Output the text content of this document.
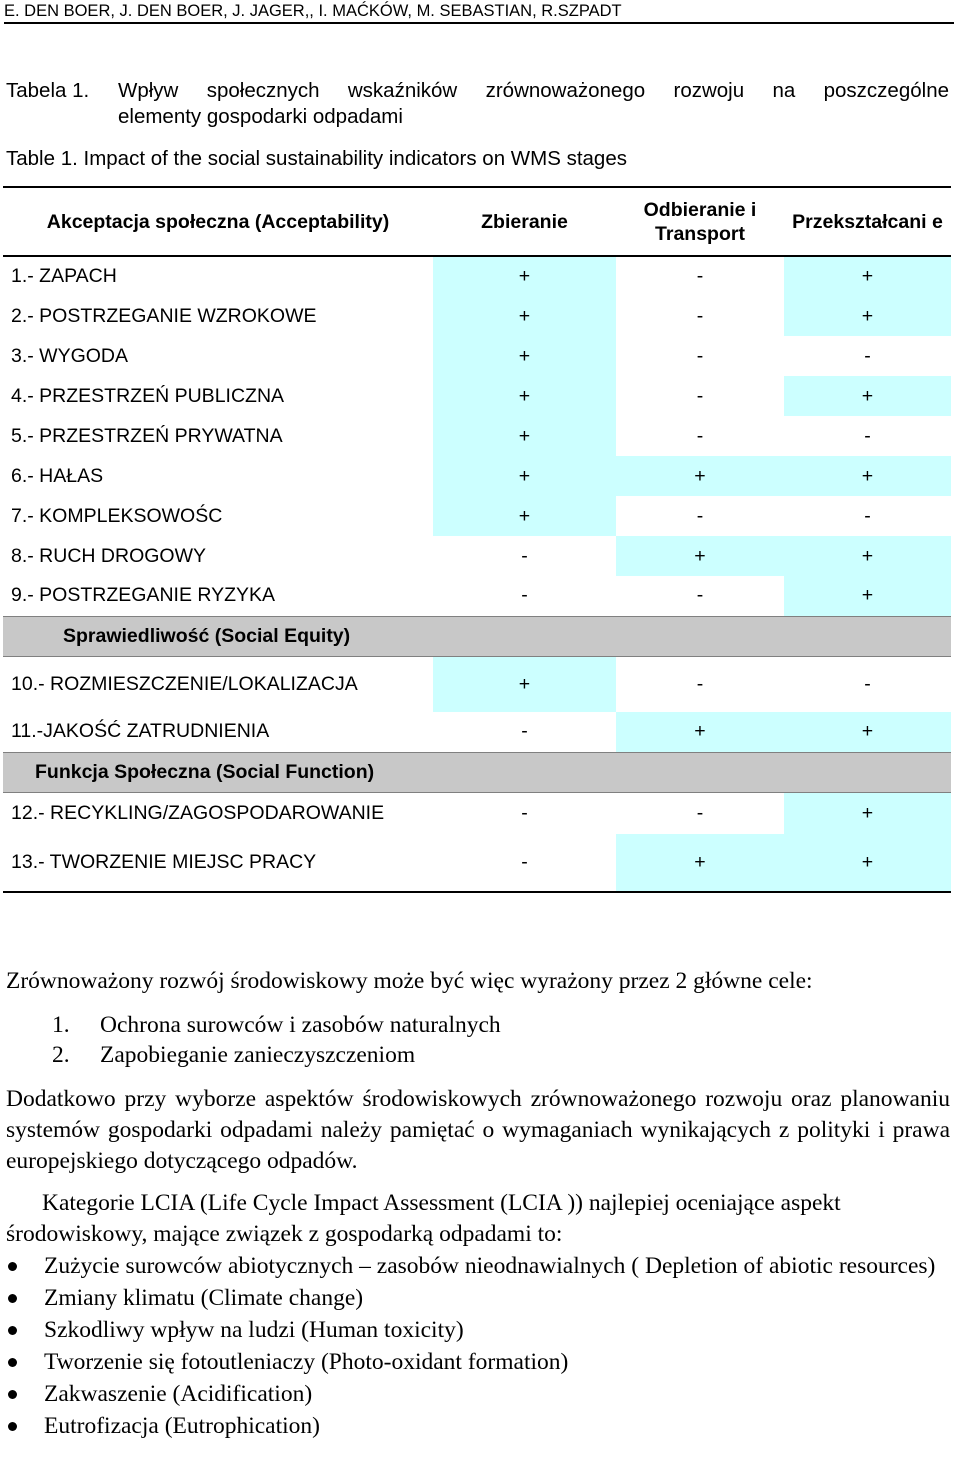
E. DEN BOER, J. DEN BOER, J. JAGER,, I. MAĆKÓW, M. SEBASTIAN, R.SZPADT
Tabela 1. Wpływ społecznych wskaźników zrównoważonego rozwoju na poszczególne
elementy gospodarki odpadami
Table 1. Impact of the social sustainability indicators on WMS stages
Akceptacja społeczna (Acceptability)	Zbieranie	Odbieranie i Transport	Przekształcani e
1.- ZAPACH	+	-	+
2.- POSTRZEGANIE WZROKOWE	+	-	+
3.- WYGODA	+	-	-
4.- PRZESTRZEŃ PUBLICZNA	+	-	+
5.- PRZESTRZEŃ PRYWATNA	+	-	-
6.- HAŁAS	+	+	+
7.- KOMPLEKSOWOŚC	+	-	-
8.- RUCH DROGOWY	-	+	+
9.- POSTRZEGANIE RYZYKA	-	-	+
Sprawiedliwość (Social Equity)			
10.- ROZMIESZCZENIE/LOKALIZACJA	+	-	-
11.-JAKOŚĆ ZATRUDNIENIA	-	+	+
Funkcja Społeczna (Social Function)			
12.- RECYKLING/ZAGOSPODAROWANIE	-	-	+
13.- TWORZENIE MIEJSC PRACY	-	+	+
Zrównoważony rozwój środowiskowy może być więc wyrażony przez 2 główne cele:
1. Ochrona surowców i zasobów naturalnych
2. Zapobieganie zanieczyszczeniom
Dodatkowo przy wyborze aspektów środowiskowych zrównoważonego rozwoju oraz planowaniu systemów gospodarki odpadami należy pamiętać o wymaganiach wynikających z polityki i prawa europejskiego dotyczącego odpadów.
Kategorie LCIA (Life Cycle Impact Assessment (LCIA )) najlepiej oceniające aspekt środowiskowy, mające związek z gospodarką odpadami to:
Zużycie surowców abiotycznych – zasobów nieodnawialnych ( Depletion of abiotic resources)
Zmiany klimatu (Climate change)
Szkodliwy wpływ na ludzi (Human toxicity)
Tworzenie się fotoutleniaczy (Photo-oxidant formation)
Zakwaszenie (Acidification)
Eutrofizacja (Eutrophication)
